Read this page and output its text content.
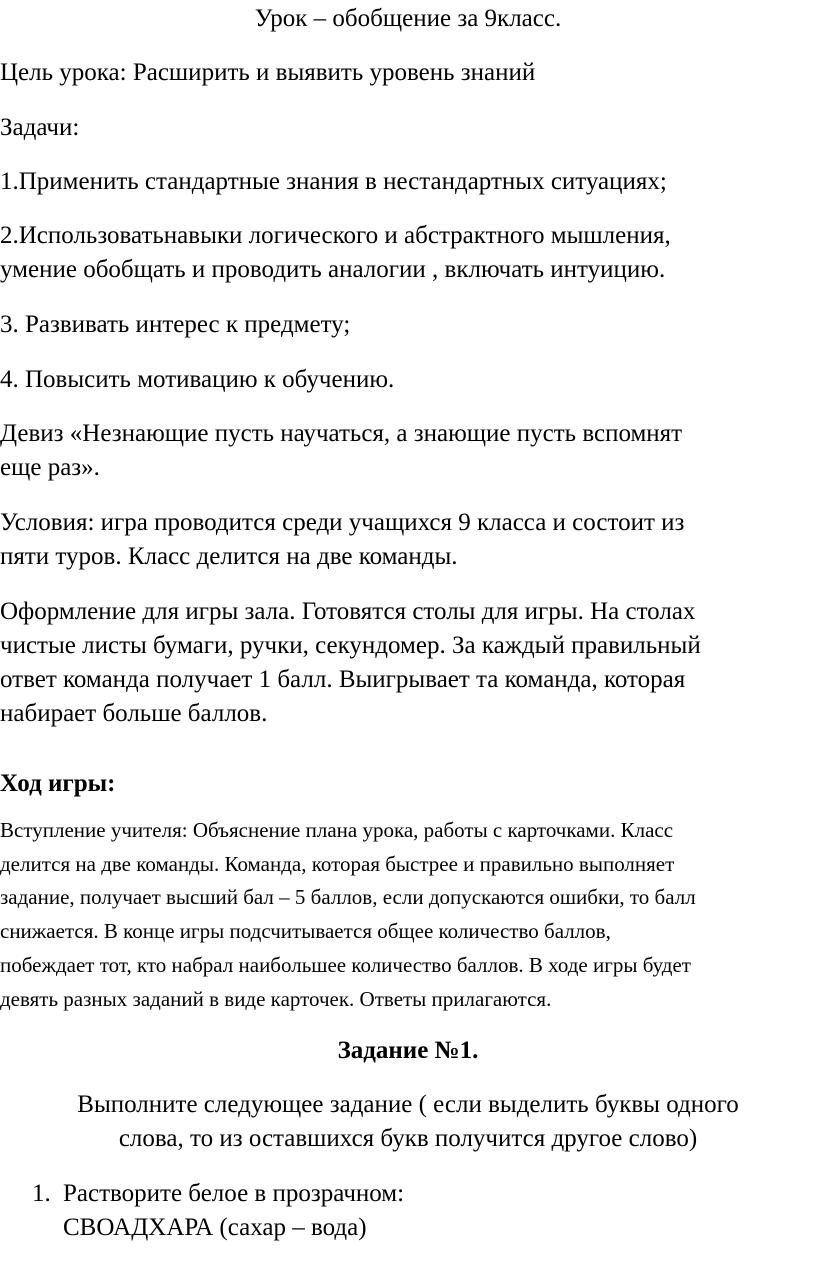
Урок – обобщение за 9класс.
Цель урока: Расширить и выявить уровень знаний
Задачи:
1.Применить стандартные знания в нестандартных ситуациях;
2.Использоватьнавыки логического и абстрактного мышления,
умение обобщать и проводить аналогии , включать интуицию.
3. Развивать интерес к предмету;
4. Повысить мотивацию к обучению.
Девиз «Незнающие пусть научаться, а знающие пусть вспомнят
еще раз».
Условия: игра проводится среди учащихся 9 класса и состоит из
пяти туров. Класс делится на две команды.
Оформление для игры зала. Готовятся столы для игры. На столах
чистые листы бумаги, ручки, секундомер. За каждый правильный
ответ команда получает 1 балл. Выигрывает та команда, которая
набирает больше баллов.
Ход игры:
Вступление учителя: Объяснение плана урока, работы с карточками. Класс
делится на две команды. Команда, которая быстрее и правильно выполняет
задание, получает высший бал – 5 баллов, если допускаются ошибки, то балл
снижается. В конце игры подсчитывается общее количество баллов,
побеждает тот, кто набрал наибольшее количество баллов. В ходе игры будет
девять разных заданий в виде карточек. Ответы прилагаются.
Задание №1.
Выполните следующее задание ( если выделить буквы одного
слова, то из оставшихся букв получится другое слово)
1. Растворите белое в прозрачном:
СВОАДХАРА (сахар – вода)
